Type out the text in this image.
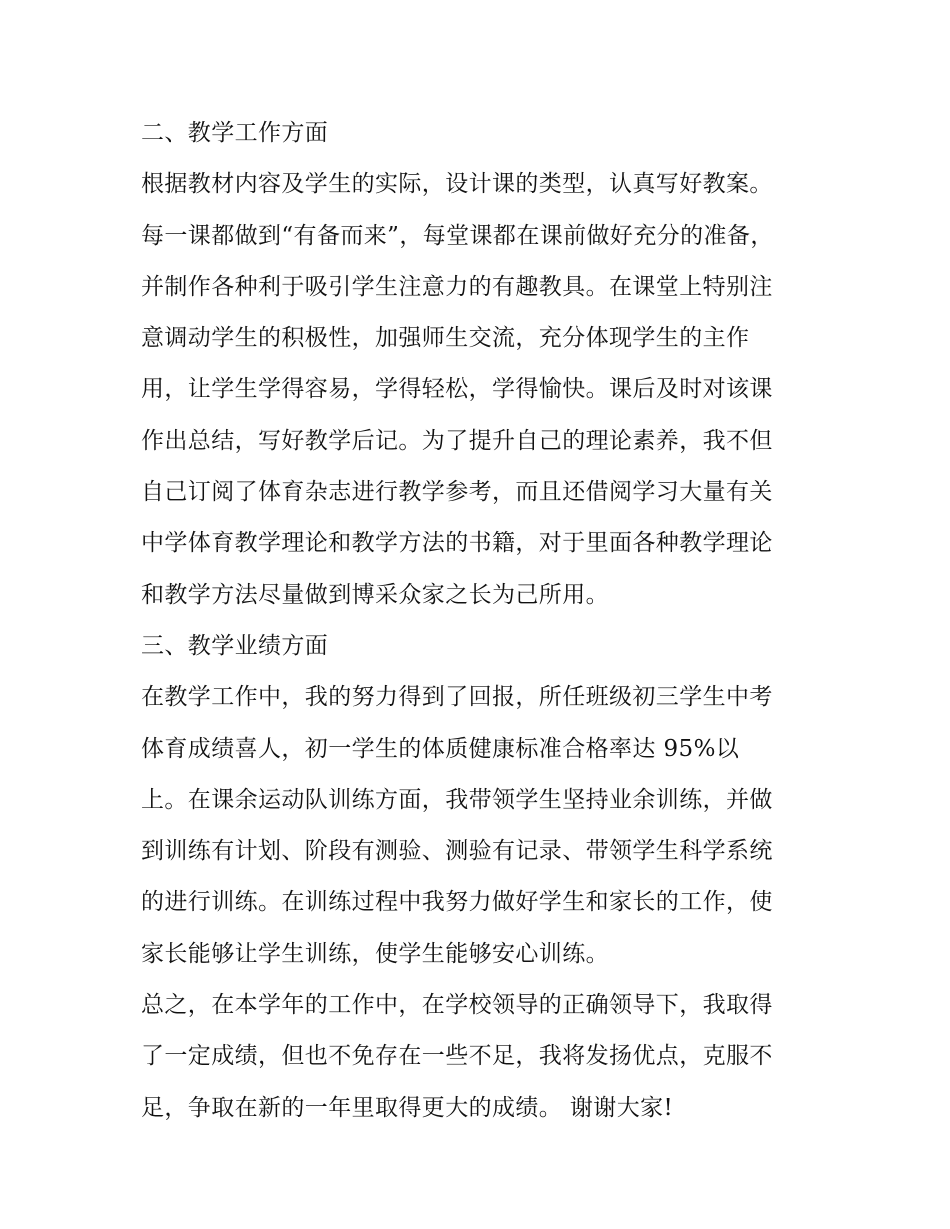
二、教学工作方面
根据教材内容及学生的实际，设计课的类型，认真写好教案。
每一课都做到“有备而来”，每堂课都在课前做好充分的准备，
并制作各种利于吸引学生注意力的有趣教具。在课堂上特别注
意调动学生的积极性，加强师生交流，充分体现学生的主作
用，让学生学得容易，学得轻松，学得愉快。课后及时对该课
作出总结，写好教学后记。为了提升自己的理论素养，我不但
自己订阅了体育杂志进行教学参考，而且还借阅学习大量有关
中学体育教学理论和教学方法的书籍，对于里面各种教学理论
和教学方法尽量做到博采众家之长为己所用。
三、教学业绩方面
在教学工作中，我的努力得到了回报，所任班级初三学生中考
体育成绩喜人，初一学生的体质健康标准合格率达 95%以
上。在课余运动队训练方面，我带领学生坚持业余训练，并做
到训练有计划、阶段有测验、测验有记录、带领学生科学系统
的进行训练。在训练过程中我努力做好学生和家长的工作，使
家长能够让学生训练，使学生能够安心训练。
总之，在本学年的工作中，在学校领导的正确领导下，我取得
了一定成绩，但也不免存在一些不足，我将发扬优点，克服不
足，争取在新的一年里取得更大的成绩。 谢谢大家!
